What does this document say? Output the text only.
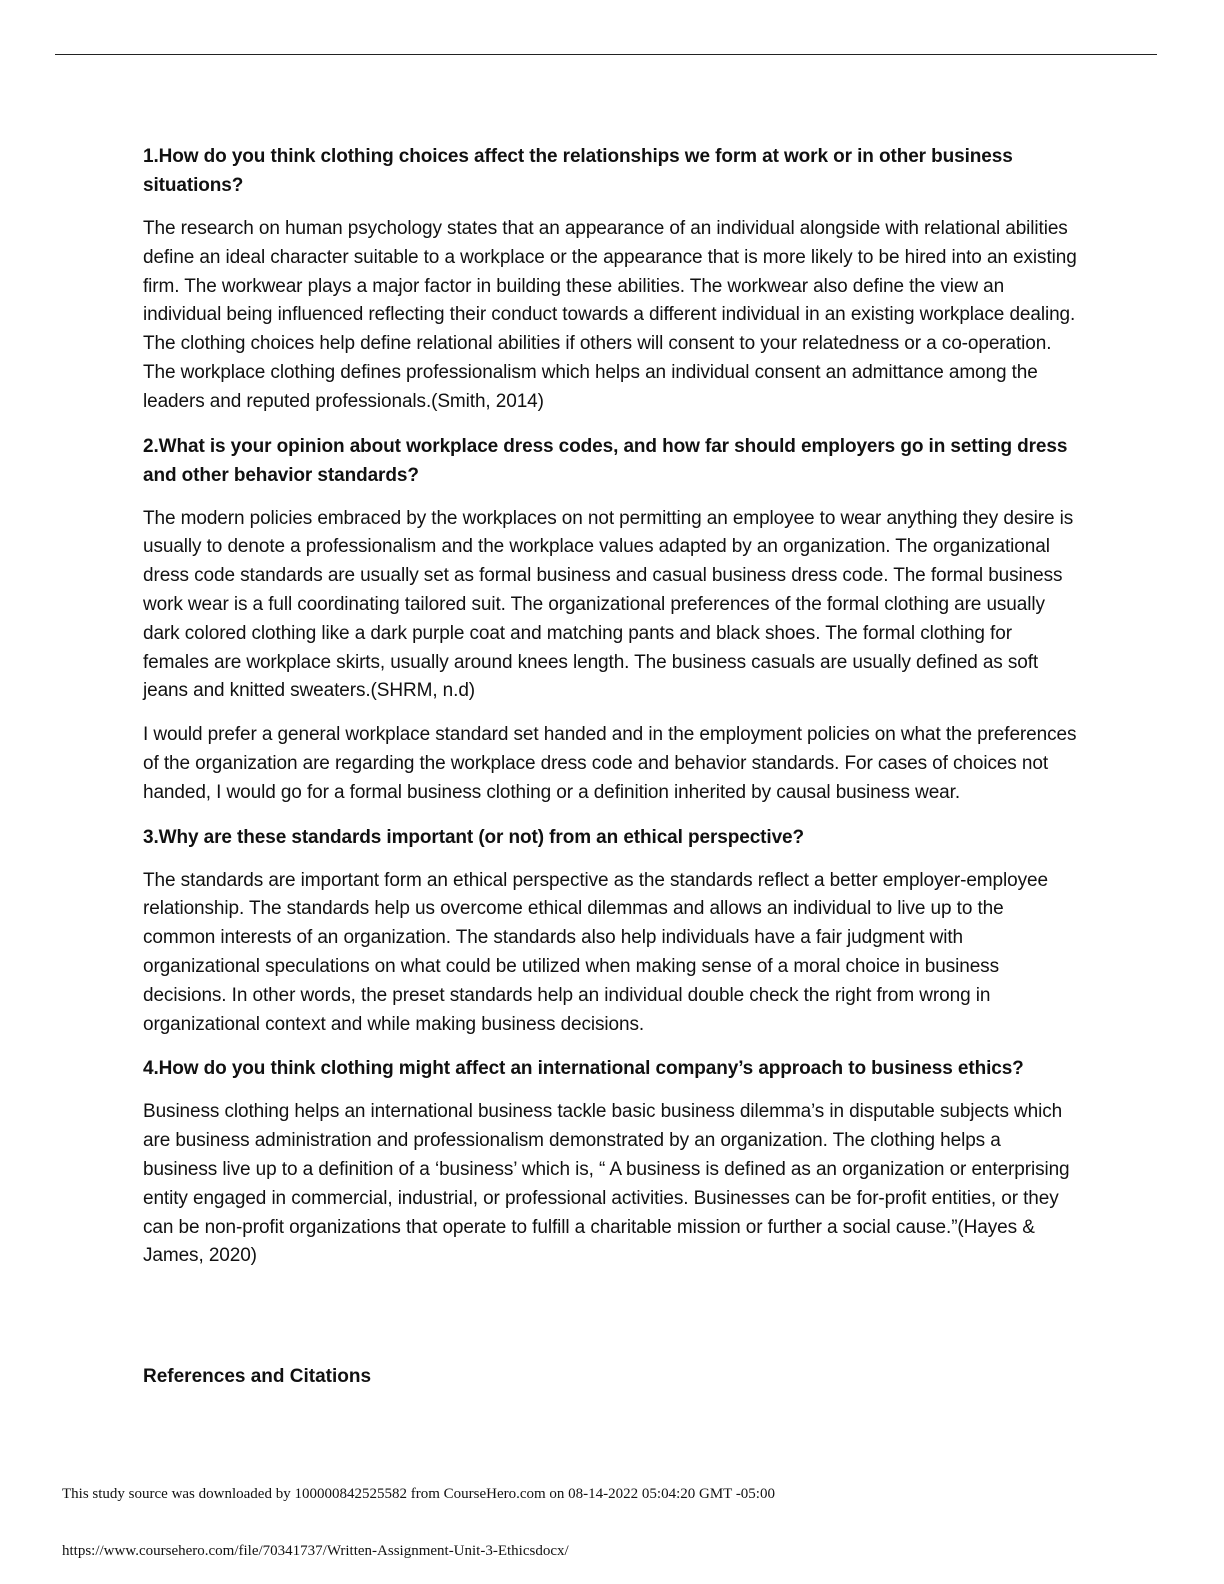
1.How do you think clothing choices affect the relationships we form at work or in other business situations?

The research on human psychology states that an appearance of an individual alongside with relational abilities define an ideal character suitable to a workplace or the appearance that is more likely to be hired into an existing firm. The workwear plays a major factor in building these abilities. The workwear also define the view an individual being influenced reflecting their conduct towards a different individual in an existing workplace dealing. The clothing choices help define relational abilities if others will consent to your relatedness or a co-operation. The workplace clothing defines professionalism which helps an individual consent an admittance among the leaders and reputed professionals.(Smith, 2014)

2.What is your opinion about workplace dress codes, and how far should employers go in setting dress and other behavior standards?

The modern policies embraced by the workplaces on not permitting an employee to wear anything they desire is usually to denote a professionalism and the workplace values adapted by an organization. The organizational dress code standards are usually set as formal business and casual business dress code. The formal business work wear is a full coordinating tailored suit. The organizational preferences of the formal clothing are usually dark colored clothing like a dark purple coat and matching pants and black shoes. The formal clothing for females are workplace skirts, usually around knees length. The business casuals are usually defined as soft jeans and knitted sweaters.(SHRM, n.d)

I would prefer a general workplace standard set handed and in the employment policies on what the preferences of the organization are regarding the workplace dress code and behavior standards. For cases of choices not handed, I would go for a formal business clothing or a definition inherited by causal business wear.

3.Why are these standards important (or not) from an ethical perspective?

The standards are important form an ethical perspective as the standards reflect a better employer-employee relationship. The standards help us overcome ethical dilemmas and allows an individual to live up to the common interests of an organization. The standards also help individuals have a fair judgment with organizational speculations on what could be utilized when making sense of a moral choice in business decisions. In other words, the preset standards help an individual double check the right from wrong in organizational context and while making business decisions.

4.How do you think clothing might affect an international company’s approach to business ethics?

Business clothing helps an international business tackle basic business dilemma’s in disputable subjects which are business administration and professionalism demonstrated by an organization. The clothing helps a business live up to a definition of a ‘business’ which is, “ A business is defined as an organization or enterprising entity engaged in commercial, industrial, or professional activities. Businesses can be for-profit entities, or they can be non-profit organizations that operate to fulfill a charitable mission or further a social cause.”(Hayes & James, 2020)

References and Citations

This study source was downloaded by 100000842525582 from CourseHero.com on 08-14-2022 05:04:20 GMT -05:00

https://www.coursehero.com/file/70341737/Written-Assignment-Unit-3-Ethicsdocx/
